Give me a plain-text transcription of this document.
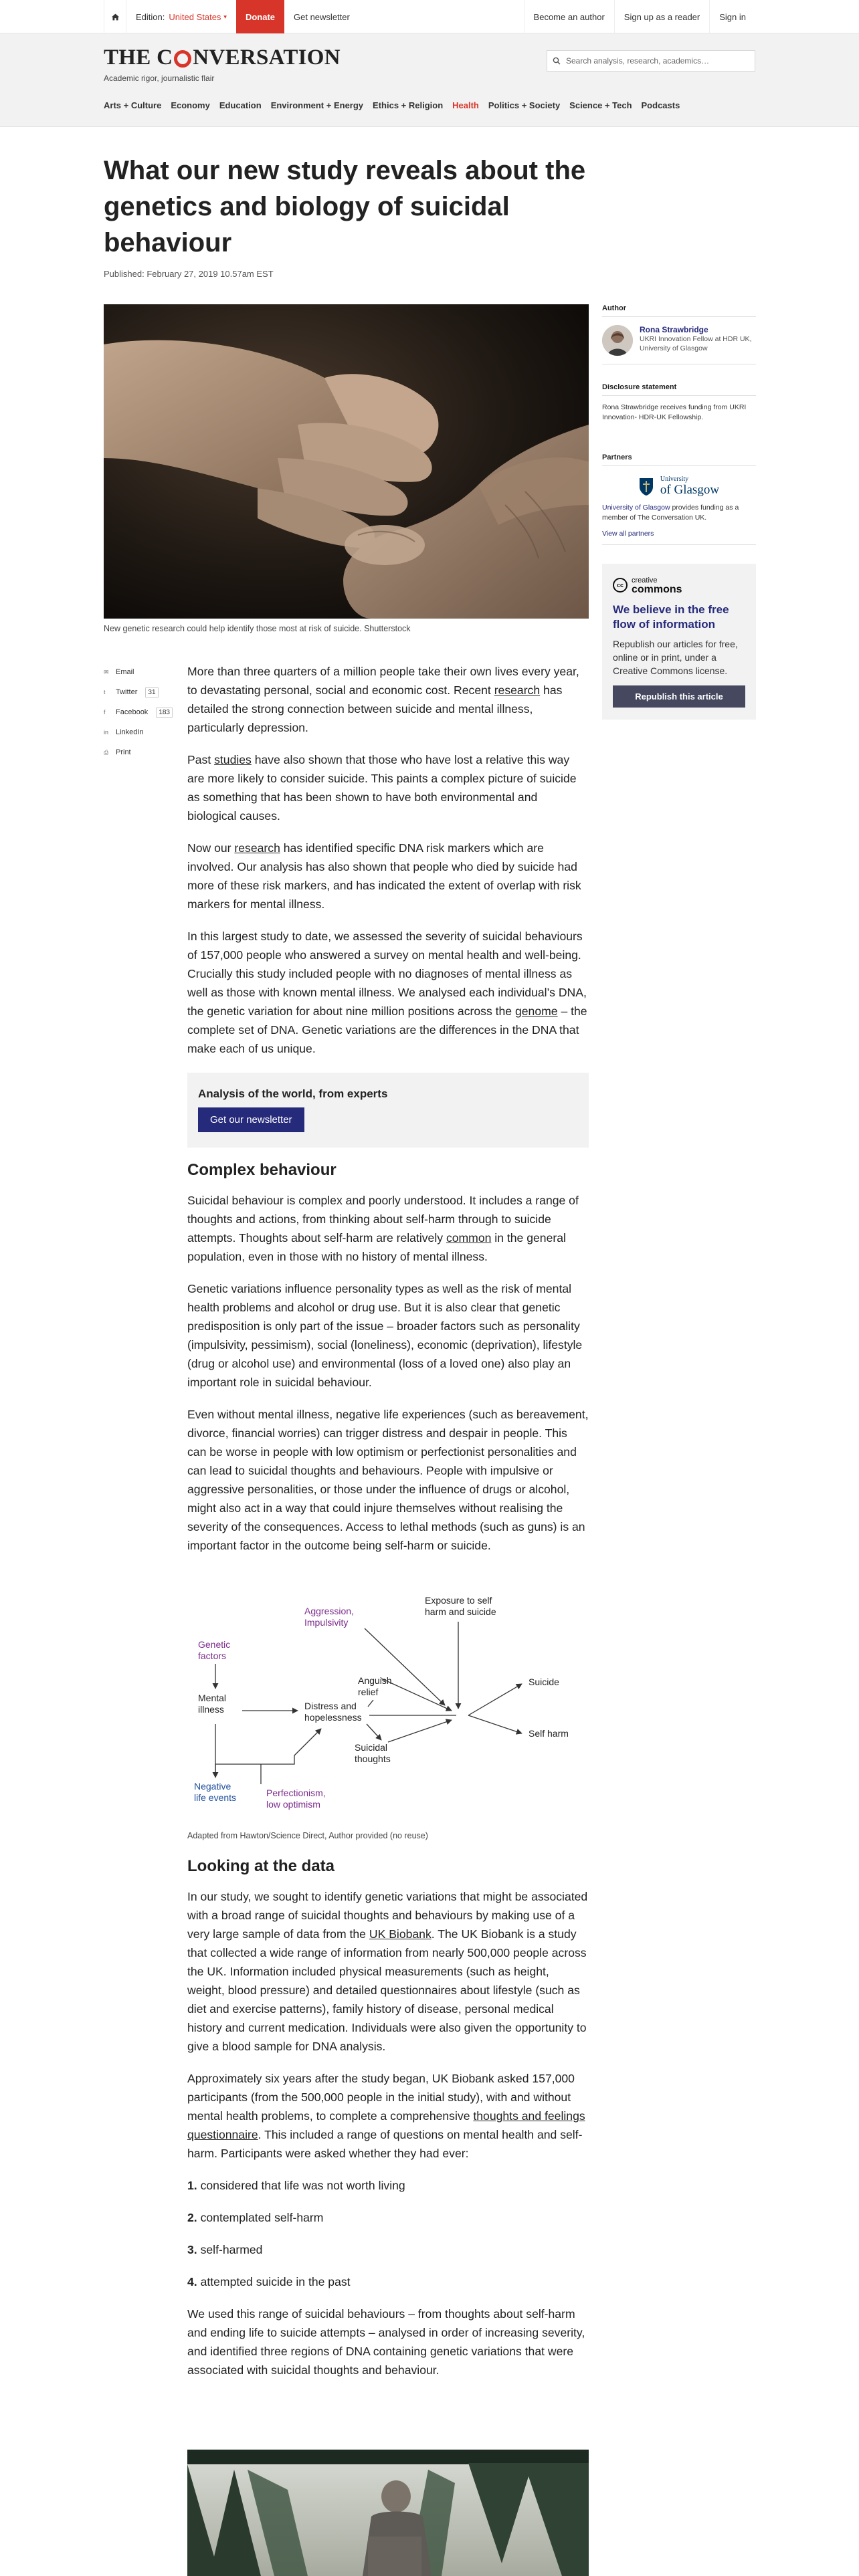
Edition: United States ▾	Donate	Get newsletter	Become an author	Sign up as a reader	Sign in
THE C NVERSATION
Academic rigor, journalistic flair
Search analysis, research, academics…
Arts + Culture Economy Education Environment + Energy Ethics + Religion Health Politics + Society Science + Tech Podcasts
What our new study reveals about the genetics and biology of suicidal behaviour
Published: February 27, 2019 10.57am EST
New genetic research could help identify those most at risk of suicide. Shutterstock
✉ Email
t	Twitter	31
f	Facebook	183
in LinkedIn
⎙ Print

More than three quarters of a million people take their own lives every year, to devastating personal, social and economic cost. Recent research has detailed the strong connection between suicide and mental illness, particularly depression.

Past studies have also shown that those who have lost a relative this way are more likely to consider suicide. This paints a complex picture of suicide as something that has been shown to have both environmental and biological causes.

Now our research has identified specific DNA risk markers which are involved. Our analysis has also shown that people who died by suicide had more of these risk markers, and has indicated the extent of overlap with risk markers for mental illness.

In this largest study to date, we assessed the severity of suicidal behaviours of 157,000 people who answered a survey on mental health and well-being. Crucially this study included people with no diagnoses of mental illness as well as those with known mental illness. We analysed each individual’s DNA, the genetic variation for about nine million positions across the genome – the complete set of DNA. Genetic variations are the differences in the DNA that make each of us unique.

Analysis of the world, from experts
Get our newsletter
Complex behaviour

Suicidal behaviour is complex and poorly understood. It includes a range of thoughts and actions, from thinking about self-harm through to suicide attempts. Thoughts about self-harm are relatively common in the general population, even in those with no history of mental illness.

Genetic variations influence personality types as well as the risk of mental health problems and alcohol or drug use. But it is also clear that genetic predisposition is only part of the issue – broader factors such as personality (impulsivity, pessimism), social (loneliness), economic (deprivation), lifestyle (drug or alcohol use) and environmental (loss of a loved one) also play an important role in suicidal behaviour.

Even without mental illness, negative life experiences (such as bereavement, divorce, financial worries) can trigger distress and despair in people. This can be worse in people with low optimism or perfectionist personalities and can lead to suicidal thoughts and behaviours. People with impulsive or aggressive personalities, or those under the influence of drugs or alcohol, might also act in a way that could injure themselves without realising the severity of the consequences. Access to lethal methods (such as guns) is an important factor in the outcome being self-harm or suicide.

Aggression, Impulsivity
Exposure to self harm and suicide
Genetic factors
Mental illness
Anguish relief
Distress and hopelessness
Suicidal thoughts
Suicide
Self harm
Negative life events	Perfectionism, low optimism
Adapted from Hawton/Science Direct, Author provided (no reuse)
Looking at the data

In our study, we sought to identify genetic variations that might be associated with a broad range of suicidal thoughts and behaviours by making use of a very large sample of data from the UK Biobank. The UK Biobank is a study that collected a wide range of information from nearly 500,000 people across the UK. Information included physical measurements (such as height, weight, blood pressure) and detailed questionnaires about lifestyle (such as diet and exercise patterns), family history of disease, personal medical history and current medication. Individuals were also given the opportunity to give a blood sample for DNA analysis.

Approximately six years after the study began, UK Biobank asked 157,000 participants (from the 500,000 people in the initial study), with and without mental health problems, to complete a comprehensive thoughts and feelings questionnaire. This included a range of questions on mental health and self-harm. Participants were asked whether they had ever:

1. considered that life was not worth living

2. contemplated self-harm

3. self-harmed

4. attempted suicide in the past

We used this range of suicidal behaviours – from thoughts about self-harm and ending life to suicide attempts – analysed in order of increasing severity, and identified three regions of DNA containing genetic variations that were associated with suicidal thoughts and behaviour.

Author
Rona Strawbridge
UKRI Innovation Fellow at HDR UK, University of Glasgow
Disclosure statement
Rona Strawbridge receives funding from UKRI Innovation- HDR-UK Fellowship.
Partners
University
of Glasgow
University of Glasgow provides funding as a member of The Conversation UK.
View all partners
cc
creative
commons
We believe in the free flow of information
Republish our articles for free, online or in print, under a Creative Commons license.
Republish this article
